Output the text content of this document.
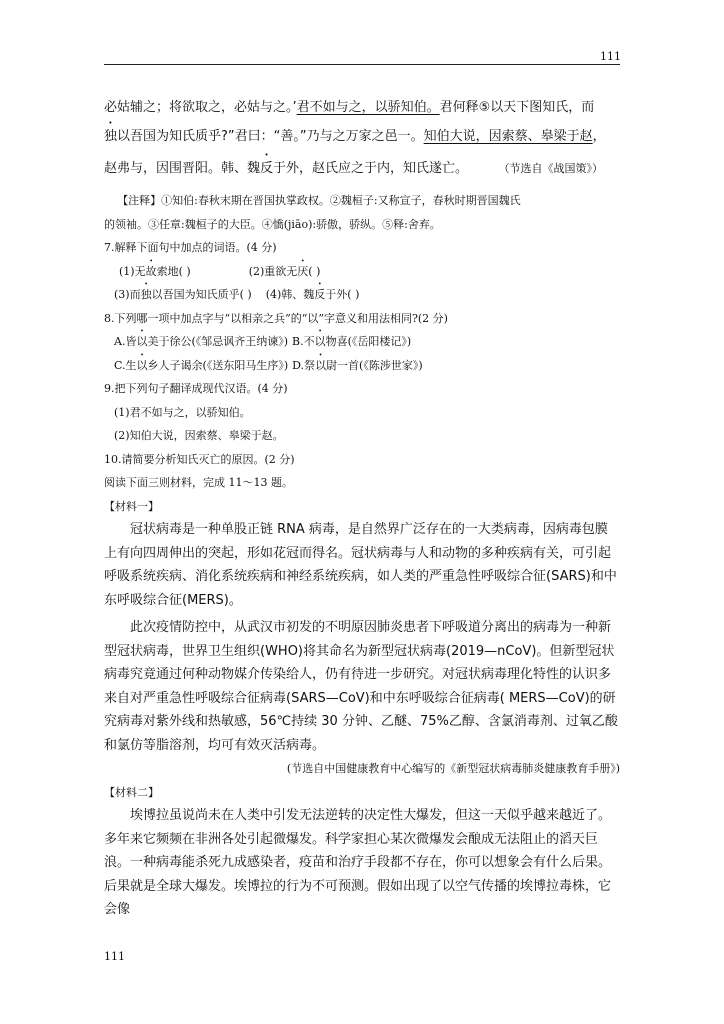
111

必姑辅之；将欲取之，必姑与之。’君不如与之，以骄知伯。君何释⑤以天下图知氏，而

独以吾国为知氏质乎?”君曰：“善。”乃与之万家之邑一。知伯大说，因索蔡、皋梁于赵，

赵弗与，因围晋阳。韩、魏反于外，赵氏应之于内，知氏遂亡。	（节选自《战国策》）

【注释】①知伯:春秋末期在晋国执掌政权。②魏桓子:又称宣子，春秋时期晋国魏氏

的领袖。③任章:魏桓子的大臣。④憍(jiāo):骄傲，骄纵。⑤释:舍弃。

7.解释下面句中加点的词语。(4 分)

(1)无故索地( )	(2)重欲无厌( )

(3)而独以吾国为知氏质乎( ) (4)韩、魏反于外( )

8.下列哪一项中加点字与“以相亲之兵”的“以”字意义和用法相同?(2 分)

A.皆以美于徐公(《邹忌讽齐王纳谏》) B.不以物喜(《岳阳楼记》)

C.生以乡人子谒余(《送东阳马生序》) D.祭以尉一首(《陈涉世家》)

9.把下列句子翻译成现代汉语。(4 分)

(1)君不如与之，以骄知伯。

(2)知伯大说，因索蔡、皋梁于赵。

10.请简要分析知氏灭亡的原因。(2 分)

阅读下面三则材料，完成 11～13 题。

【材料一】

冠状病毒是一种单股正链 RNA 病毒，是自然界广泛存在的一大类病毒，因病毒包膜上有向四周伸出的突起，形如花冠而得名。冠状病毒与人和动物的多种疾病有关，可引起呼吸系统疾病、消化系统疾病和神经系统疾病，如人类的严重急性呼吸综合征(SARS)和中东呼吸综合征(MERS)。

此次疫情防控中，从武汉市初发的不明原因肺炎患者下呼吸道分离出的病毒为一种新型冠状病毒，世界卫生组织(WHO)将其命名为新型冠状病毒(2019—nCoV)。但新型冠状病毒究竟通过何种动物媒介传染给人，仍有待进一步研究。对冠状病毒理化特性的认识多来自对严重急性呼吸综合征病毒(SARS—CoV)和中东呼吸综合征病毒( MERS—CoV)的研究病毒对紫外线和热敏感，56℃持续 30 分钟、乙醚、75%乙醇、含氯消毒剂、过氧乙酸和氯仿等脂溶剂，均可有效灭活病毒。

(节选自中国健康教育中心编写的《新型冠状病毒肺炎健康教育手册》)

【材料二】

埃博拉虽说尚未在人类中引发无法逆转的决定性大爆发，但这一天似乎越来越近了。多年来它频频在非洲各处引起微爆发。科学家担心某次微爆发会酿成无法阻止的滔天巨浪。一种病毒能杀死九成感染者，疫苗和治疗手段都不存在，你可以想象会有什么后果。后果就是全球大爆发。埃博拉的行为不可预测。假如出现了以空气传播的埃博拉毒株，它会像

111
